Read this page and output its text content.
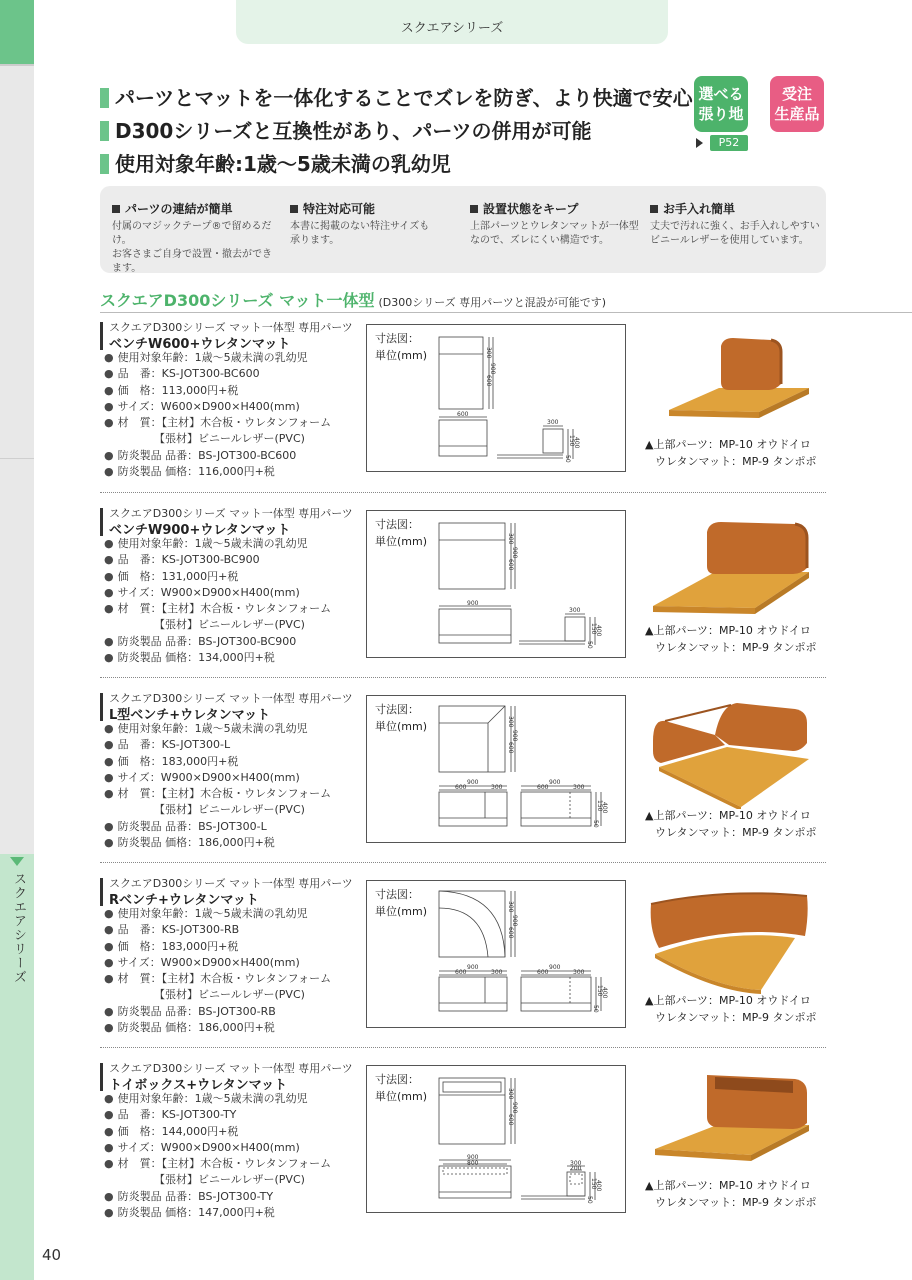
スクエアシリーズ
40
スクエアシリーズ
パーツとマットを一体化することでズレを防ぎ、より快適で安心
D300シリーズと互換性があり、パーツの併用が可能
使用対象年齢:1歳〜5歳未満の乳幼児
選べる
張り地
受注
生産品
P52
パーツの連結が簡単
付属のマジックテープ®で留めるだけ。
お客さまご自身で設置・撤去ができ
ます。
特注対応可能
本書に掲載のない特注サイズも
承ります。
設置状態をキープ
上部パーツとウレタンマットが一体型
なので、ズレにくい構造です。
お手入れ簡単
丈夫で汚れに強く、お手入れしやすい
ビニールレザーを使用しています。
スクエアD300シリーズ マット一体型 (D300シリーズ 専用パーツと混設が可能です)
スクエアD300シリーズ マット一体型 専用パーツ
ベンチW600+ウレタンマット
● 使用対象年齢：1歳〜5歳未満の乳幼児
● 品　番：KS-JOT300-BC600
● 価　格：113,000円+税
● サイズ：W600×D900×H400(mm)
● 材　質：【主材】木合板・ウレタンフォーム
【張材】ビニールレザー(PVC)
● 防炎製品 品番：BS-JOT300-BC600
● 防炎製品 価格：116,000円+税
寸法図：
単位(mm)	300
900
600
600
300
150
400
50
▲上部パーツ：MP-10 オウドイロ
ウレタンマット：MP-9 タンポポ
スクエアD300シリーズ マット一体型 専用パーツ
ベンチW900+ウレタンマット
● 使用対象年齢：1歳〜5歳未満の乳幼児
● 品　番：KS-JOT300-BC900
● 価　格：131,000円+税
● サイズ：W900×D900×H400(mm)
● 材　質：【主材】木合板・ウレタンフォーム
【張材】ビニールレザー(PVC)
● 防炎製品 品番：BS-JOT300-BC900
● 防炎製品 価格：134,000円+税
寸法図：
単位(mm)	300
900
600
900
300
150
400
50
▲上部パーツ：MP-10 オウドイロ
ウレタンマット：MP-9 タンポポ
スクエアD300シリーズ マット一体型 専用パーツ
L型ベンチ+ウレタンマット
● 使用対象年齢：1歳〜5歳未満の乳幼児
● 品　番：KS-JOT300-L
● 価　格：183,000円+税
● サイズ：W900×D900×H400(mm)
● 材　質：【主材】木合板・ウレタンフォーム
【張材】ビニールレザー(PVC)
● 防炎製品 品番：BS-JOT300-L
● 防炎製品 価格：186,000円+税
寸法図：
単位(mm)	300
900
600
900
600	300
900
600	300
150
400
50
▲上部パーツ：MP-10 オウドイロ
ウレタンマット：MP-9 タンポポ
スクエアD300シリーズ マット一体型 専用パーツ
Rベンチ+ウレタンマット
● 使用対象年齢：1歳〜5歳未満の乳幼児
● 品　番：KS-JOT300-RB
● 価　格：183,000円+税
● サイズ：W900×D900×H400(mm)
● 材　質：【主材】木合板・ウレタンフォーム
【張材】ビニールレザー(PVC)
● 防炎製品 品番：BS-JOT300-RB
● 防炎製品 価格：186,000円+税
寸法図：
単位(mm)	300
900
600
900
600	300
900
600	300
150
400
50
▲上部パーツ：MP-10 オウドイロ
ウレタンマット：MP-9 タンポポ
スクエアD300シリーズ マット一体型 専用パーツ
トイボックス+ウレタンマット
● 使用対象年齢：1歳〜5歳未満の乳幼児
● 品　番：KS-JOT300-TY
● 価　格：144,000円+税
● サイズ：W900×D900×H400(mm)
● 材　質：【主材】木合板・ウレタンフォーム
【張材】ビニールレザー(PVC)
● 防炎製品 品番：BS-JOT300-TY
● 防炎製品 価格：147,000円+税
寸法図：
単位(mm)	300
900
600
900
800	300
200
150
400
50
▲上部パーツ：MP-10 オウドイロ
ウレタンマット：MP-9 タンポポ
